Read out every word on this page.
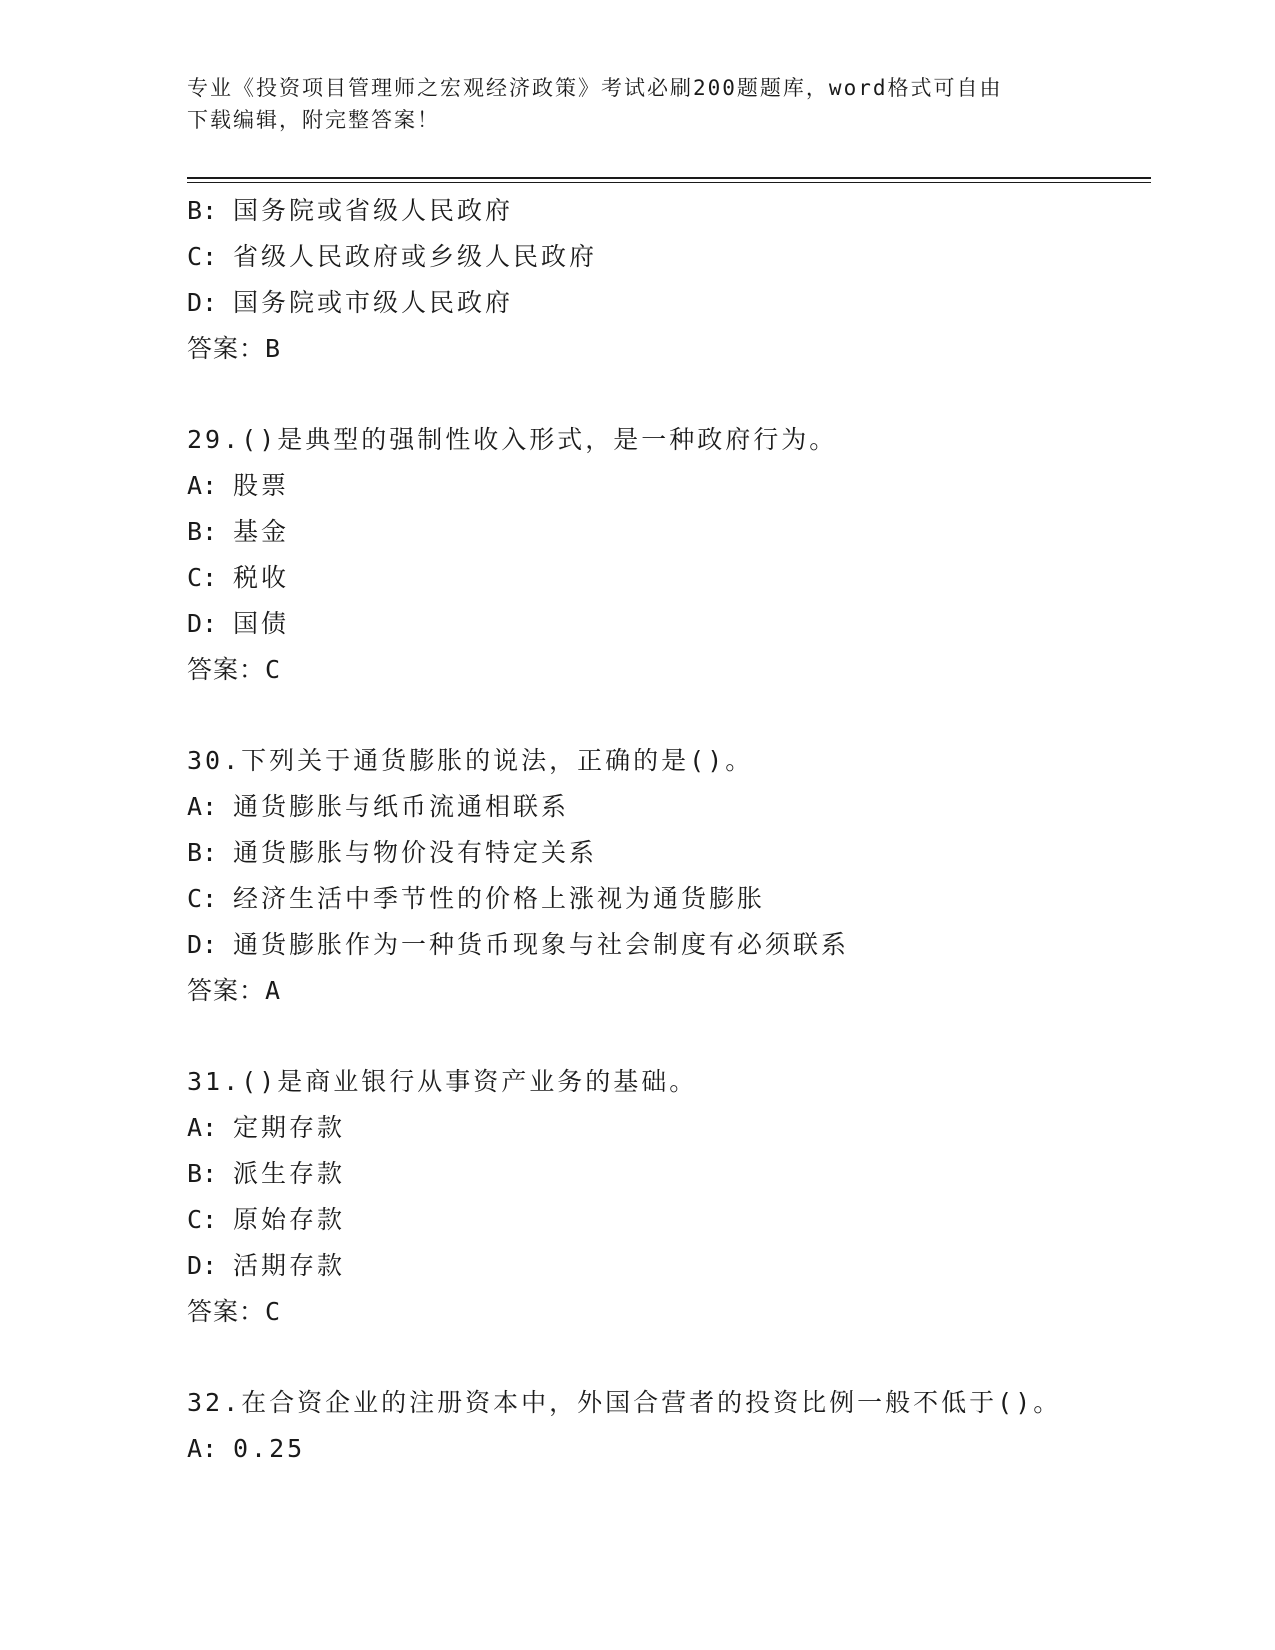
专业《投资项目管理师之宏观经济政策》考试必刷200题题库，word格式可自由
下载编辑，附完整答案！
B: 国务院或省级人民政府
C: 省级人民政府或乡级人民政府
D: 国务院或市级人民政府
答案：B
29.()是典型的强制性收入形式，是一种政府行为。
A: 股票
B: 基金
C: 税收
D: 国债
答案：C
30.下列关于通货膨胀的说法，正确的是()。
A: 通货膨胀与纸币流通相联系
B: 通货膨胀与物价没有特定关系
C: 经济生活中季节性的价格上涨视为通货膨胀
D: 通货膨胀作为一种货币现象与社会制度有必须联系
答案：A
31.()是商业银行从事资产业务的基础。
A: 定期存款
B: 派生存款
C: 原始存款
D: 活期存款
答案：C
32.在合资企业的注册资本中，外国合营者的投资比例一般不低于()。
A: 0.25
